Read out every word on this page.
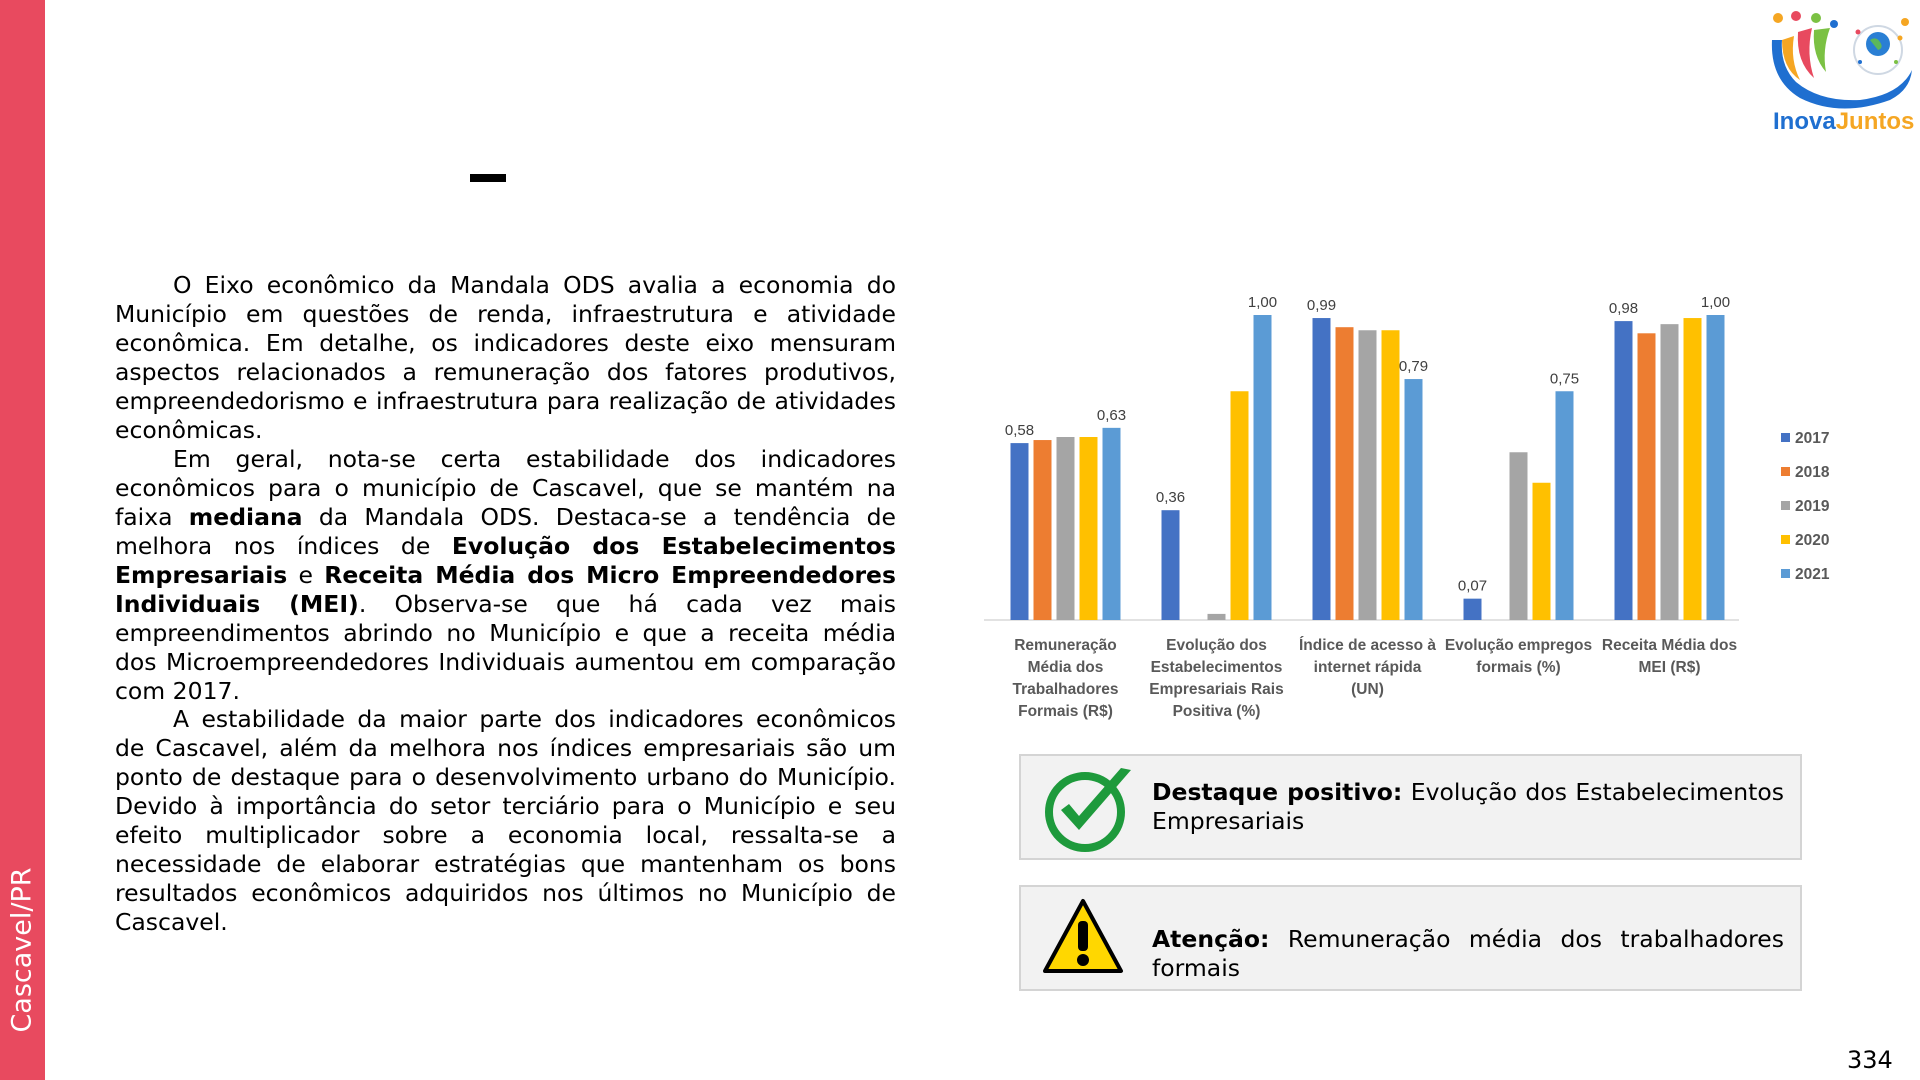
Cascavel/PR
InovaJuntos

O Eixo econômico da Mandala ODS avalia a economia do Município em questões de renda, infraestrutura e atividade econômica. Em detalhe, os indicadores deste eixo mensuram aspectos relacionados a remuneração dos fatores produtivos, empreendedorismo e infraestrutura para realização de atividades econômicas.

Em geral, nota-se certa estabilidade dos indicadores econômicos para o município de Cascavel, que se mantém na faixa mediana da Mandala ODS. Destaca-se a tendência de melhora nos índices de Evolução dos Estabelecimentos Empresariais e Receita Média dos Micro Empreendedores Individuais (MEI). Observa-se que há cada vez mais empreendimentos abrindo no Município e que a receita média dos Microempreendedores Individuais aumentou em comparação com 2017.

A estabilidade da maior parte dos indicadores econômicos de Cascavel, além da melhora nos índices empresariais são um ponto de destaque para o desenvolvimento urbano do Município. Devido à importância do setor terciário para o Município e seu efeito multiplicador sobre a economia local, ressalta-se a necessidade de elaborar estratégias que mantenham os bons resultados econômicos adquiridos nos últimos no Município de Cascavel.

Remuneração
Média dos
Trabalhadores
Formais (R$)
Evolução dos
Estabelecimentos
Empresariais Rais
Positiva (%)
Índice de acesso à
internet rápida
(UN)
Evolução empregos
formais (%)
Receita Média dos
MEI (R$)
0,58
0,63
0,36
1,00 0,99
0,79
0,07
0,75
0,98	1,00
2017
2018
2019
2020
2021
Destaque positivo: Evolução dos Estabelecimentos Empresariais
Atenção: Remuneração média dos trabalhadores formais
334
